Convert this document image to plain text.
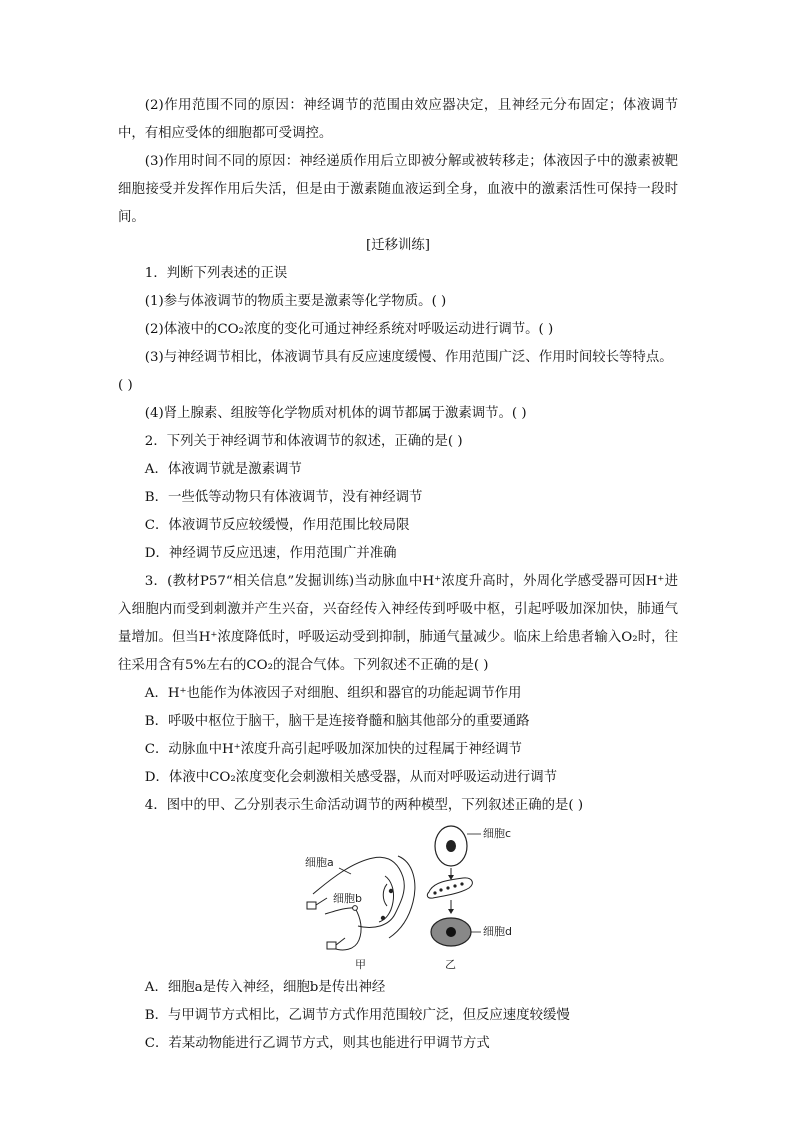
(2)作用范围不同的原因：神经调节的范围由效应器决定，且神经元分布固定；体液调节中，有相应受体的细胞都可受调控。

(3)作用时间不同的原因：神经递质作用后立即被分解或被转移走；体液因子中的激素被靶细胞接受并发挥作用后失活，但是由于激素随血液运到全身，血液中的激素活性可保持一段时间。

[迁移训练]

1．判断下列表述的正误

(1)参与体液调节的物质主要是激素等化学物质。( )

(2)体液中的CO₂浓度的变化可通过神经系统对呼吸运动进行调节。( )

(3)与神经调节相比，体液调节具有反应速度缓慢、作用范围广泛、作用时间较长等特点。

( )

(4)肾上腺素、组胺等化学物质对机体的调节都属于激素调节。( )

2．下列关于神经调节和体液调节的叙述，正确的是( )

A．体液调节就是激素调节

B．一些低等动物只有体液调节，没有神经调节

C．体液调节反应较缓慢，作用范围比较局限

D．神经调节反应迅速，作用范围广并准确

3．(教材P57“相关信息”发掘训练)当动脉血中H⁺浓度升高时，外周化学感受器可因H⁺进入细胞内而受到刺激并产生兴奋，兴奋经传入神经传到呼吸中枢，引起呼吸加深加快，肺通气量增加。但当H⁺浓度降低时，呼吸运动受到抑制，肺通气量减少。临床上给患者输入O₂时，往往采用含有5%左右的CO₂的混合气体。下列叙述不正确的是( )

A．H⁺也能作为体液因子对细胞、组织和器官的功能起调节作用

B．呼吸中枢位于脑干，脑干是连接脊髓和脑其他部分的重要通路

C．动脉血中H⁺浓度升高引起呼吸加深加快的过程属于神经调节

D．体液中CO₂浓度变化会刺激相关感受器，从而对呼吸运动进行调节

4．图中的甲、乙分别表示生命活动调节的两种模型，下列叙述正确的是( )

细胞a
细胞b
甲
细胞c
细胞d
乙

A．细胞a是传入神经，细胞b是传出神经

B．与甲调节方式相比，乙调节方式作用范围较广泛，但反应速度较缓慢

C．若某动物能进行乙调节方式，则其也能进行甲调节方式
